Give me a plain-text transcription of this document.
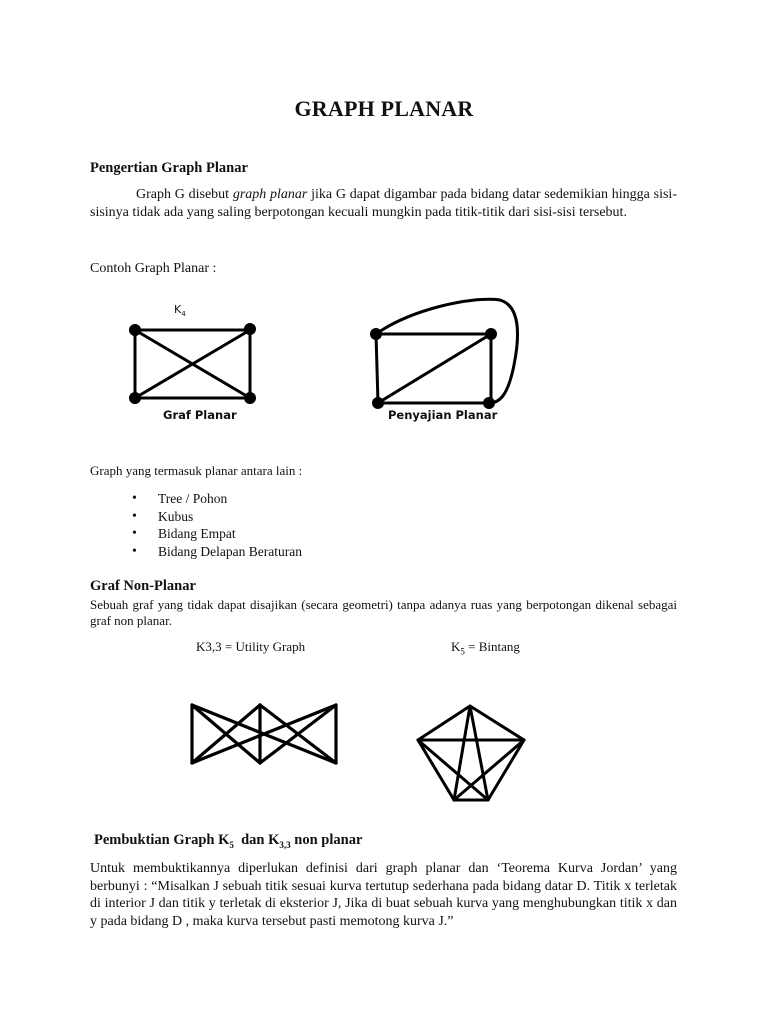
GRAPH PLANAR
Pengertian Graph Planar
Graph G disebut graph planar jika G dapat digambar pada bidang datar sedemikian hingga sisi-sisinya tidak ada yang saling berpotongan kecuali mungkin pada titik-titik dari sisi-sisi tersebut.
Contoh Graph Planar :
$K_4$
Graf Planar	Penyajian Planar
Graph yang termasuk planar antara lain :
• Tree / Pohon
• Kubus
• Bidang Empat
• Bidang Delapan Beraturan
Graf Non-Planar
Sebuah graf yang tidak dapat disajikan (secara geometri) tanpa adanya ruas yang berpotongan dikenal sebagai graf non planar.
K3,3 = Utility Graph	$K_5 = Bintang$
Pembuktian Graph $K_5$  dan $K_{3,3}$ non planar
Untuk membuktikannya diperlukan definisi dari graph planar dan ‘Teorema Kurva Jordan’ yang berbunyi : “Misalkan J sebuah titik sesuai kurva tertutup sederhana pada bidang datar D. Titik x terletak di interior J dan titik y terletak di eksterior J, Jika di buat sebuah kurva yang menghubungkan titik x dan y pada bidang D , maka kurva tersebut pasti memotong kurva J.”
